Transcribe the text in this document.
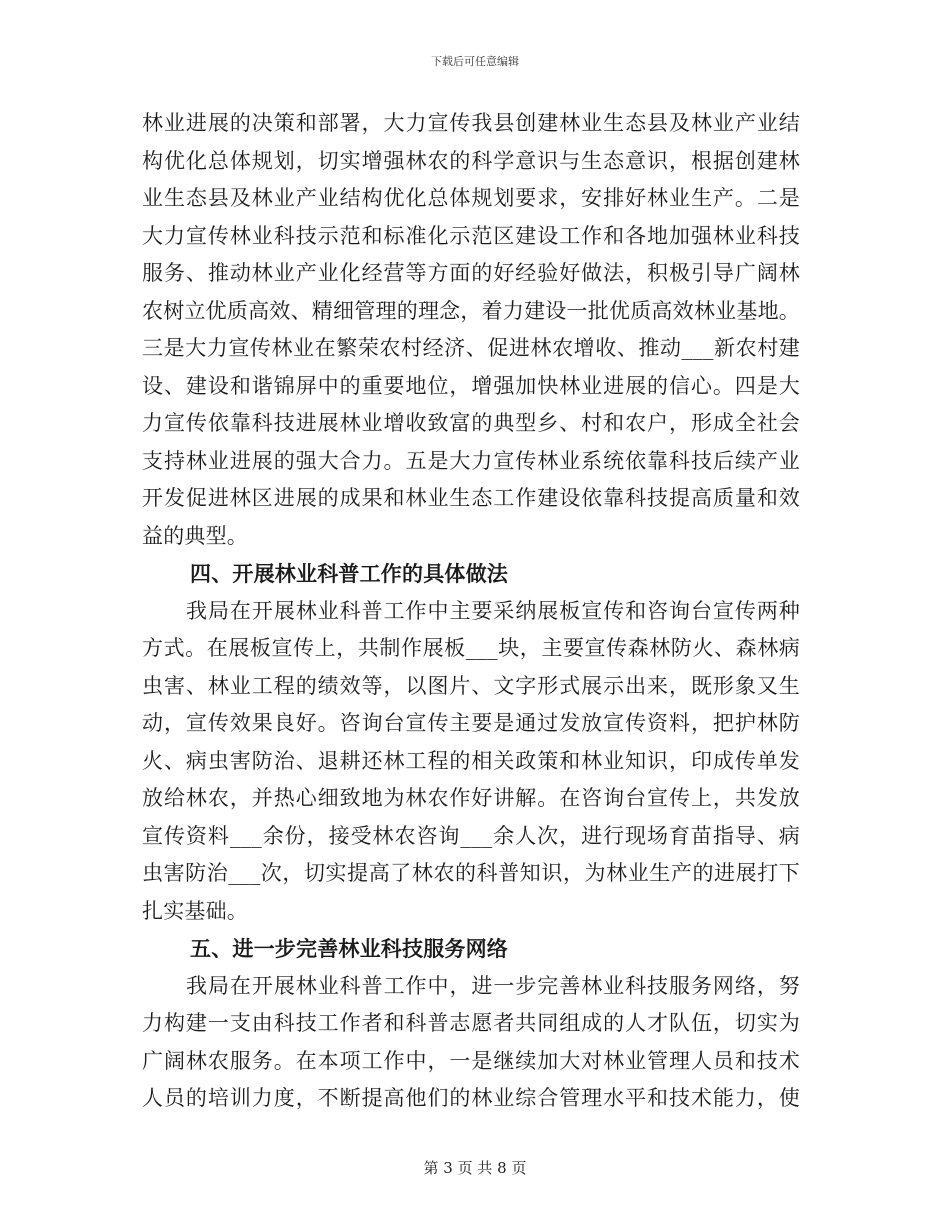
下载后可任意编辑
林业进展的决策和部署，大力宣传我县创建林业生态县及林业产业结
构优化总体规划，切实增强林农的科学意识与生态意识，根据创建林
业生态县及林业产业结构优化总体规划要求，安排好林业生产。二是
大力宣传林业科技示范和标准化示范区建设工作和各地加强林业科技
服务、推动林业产业化经营等方面的好经验好做法，积极引导广阔林
农树立优质高效、精细管理的理念，着力建设一批优质高效林业基地。
三是大力宣传林业在繁荣农村经济、促进林农增收、推动___新农村建
设、建设和谐锦屏中的重要地位，增强加快林业进展的信心。四是大
力宣传依靠科技进展林业增收致富的典型乡、村和农户，形成全社会
支持林业进展的强大合力。五是大力宣传林业系统依靠科技后续产业
开发促进林区进展的成果和林业生态工作建设依靠科技提高质量和效
益的典型。
四、开展林业科普工作的具体做法
我局在开展林业科普工作中主要采纳展板宣传和咨询台宣传两种
方式。在展板宣传上，共制作展板___块，主要宣传森林防火、森林病
虫害、林业工程的绩效等，以图片、文字形式展示出来，既形象又生
动，宣传效果良好。咨询台宣传主要是通过发放宣传资料，把护林防
火、病虫害防治、退耕还林工程的相关政策和林业知识，印成传单发
放给林农，并热心细致地为林农作好讲解。在咨询台宣传上，共发放
宣传资料___余份，接受林农咨询___余人次，进行现场育苗指导、病
虫害防治___次，切实提高了林农的科普知识，为林业生产的进展打下
扎实基础。
五、进一步完善林业科技服务网络
我局在开展林业科普工作中，进一步完善林业科技服务网络，努
力构建一支由科技工作者和科普志愿者共同组成的人才队伍，切实为
广阔林农服务。在本项工作中，一是继续加大对林业管理人员和技术
人员的培训力度，不断提高他们的林业综合管理水平和技术能力，使
第 3 页 共 8 页
